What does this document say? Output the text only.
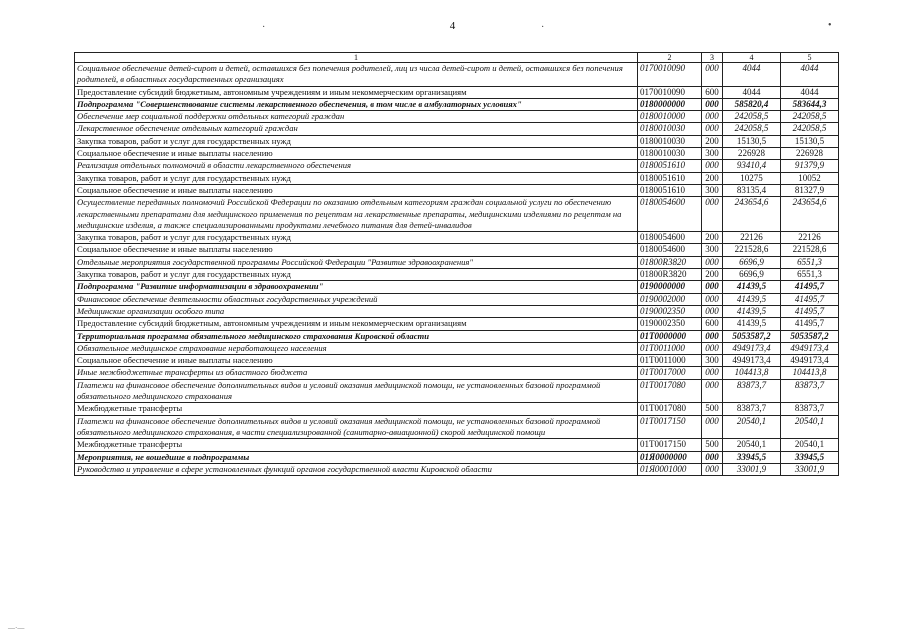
4
·	·	•
1	2	3	4	5
Социальное обеспечение детей-сирот и детей, оставшихся без попечения родителей, лиц из числа детей-сирот и детей, оставшихся без попечения родителей, в областных государственных организациях	0170010090	000	4044	4044
Предоставление субсидий бюджетным, автономным учреждениям и иным некоммерческим организациям	0170010090	600	4044	4044
Подпрограмма "Совершенствование системы лекарственного обеспечения, в том числе в амбулаторных условиях"	0180000000	000	585820,4	583644,3
Обеспечение мер социальной поддержки отдельных категорий граждан	0180010000	000	242058,5	242058,5
Лекарственное обеспечение отдельных категорий граждан	0180010030	000	242058,5	242058,5
Закупка товаров, работ и услуг для государственных нужд	0180010030	200	15130,5	15130,5
Социальное обеспечение и иные выплаты населению	0180010030	300	226928	226928
Реализация отдельных полномочий в области лекарственного обеспечения	0180051610	000	93410,4	91379,9
Закупка товаров, работ и услуг для государственных нужд	0180051610	200	10275	10052
Социальное обеспечение и иные выплаты населению	0180051610	300	83135,4	81327,9
Осуществление переданных полномочий Российской Федерации по оказанию отдельным категориям граждан социальной услуги по обеспечению лекарственными препаратами для медицинского применения по рецептам на лекарственные препараты, медицинскими изделиями по рецептам на медицинские изделия, а также специализированными продуктами лечебного питания для детей-инвалидов	0180054600	000	243654,6	243654,6
Закупка товаров, работ и услуг для государственных нужд	0180054600	200	22126	22126
Социальное обеспечение и иные выплаты населению	0180054600	300	221528,6	221528,6
Отдельные мероприятия государственной программы Российской Федерации "Развитие здравоохранения"	01800R3820	000	6696,9	6551,3
Закупка товаров, работ и услуг для государственных нужд	01800R3820	200	6696,9	6551,3
Подпрограмма "Развитие информатизации в здравоохранении"	0190000000	000	41439,5	41495,7
Финансовое обеспечение деятельности областных государственных учреждений	0190002000	000	41439,5	41495,7
Медицинские организации особого типа	0190002350	000	41439,5	41495,7
Предоставление субсидий бюджетным, автономным учреждениям и иным некоммерческим организациям	0190002350	600	41439,5	41495,7
Территориальная программа обязательного медицинского страхования Кировской области	01T0000000	000	5053587,2	5053587,2
Обязательное медицинское страхование неработающего населения	01T0011000	000	4949173,4	4949173,4
Социальное обеспечение и иные выплаты населению	01T0011000	300	4949173,4	4949173,4
Иные межбюджетные трансферты из областного бюджета	01T0017000	000	104413,8	104413,8
Платежи на финансовое обеспечение дополнительных видов и условий оказания медицинской помощи, не установленных базовой программой обязательного медицинского страхования	01T0017080	000	83873,7	83873,7
Межбюджетные трансферты	01T0017080	500	83873,7	83873,7
Платежи на финансовое обеспечение дополнительных видов и условий оказания медицинской помощи, не установленных базовой программой обязательного медицинского страхования, в части специализированной (санитарно-авиационной) скорой медицинской помощи	01T0017150	000	20540,1	20540,1
Межбюджетные трансферты	01T0017150	500	20540,1	20540,1
Мероприятия, не вошедшие в подпрограммы	01Я0000000	000	33945,5	33945,5
Руководство и управление в сфере установленных функций органов государственной власти Кировской области	01Я0001000	000	33001,9	33001,9
—·—
